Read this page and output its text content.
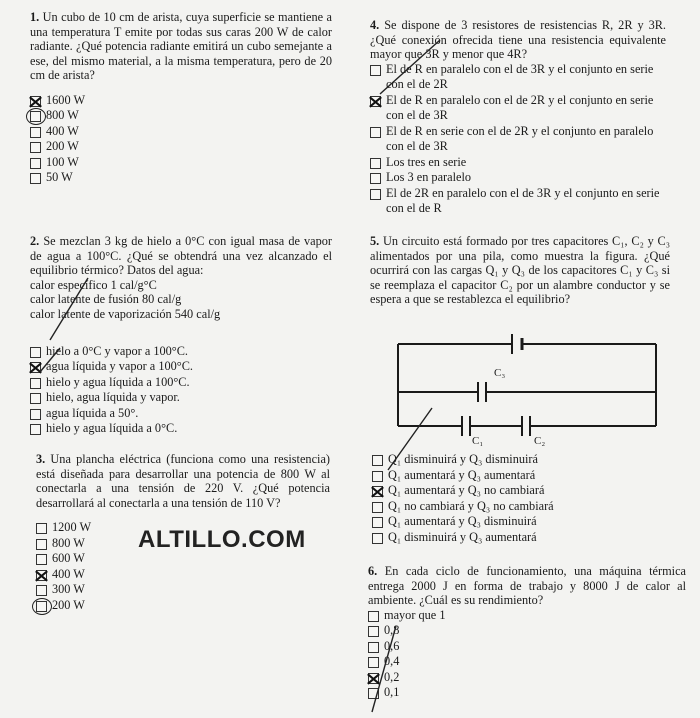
1. Un cubo de 10 cm de arista, cuya superficie se mantiene a una temperatura T emite por todas sus caras 200 W de calor radiante. ¿Qué potencia radiante emitirá un cubo semejante a ese, del mismo material, a la misma temperatura, pero de 20 cm de arista?

1600 W
800 W
400 W
200 W
100 W
50 W

2. Se mezclan 3 kg de hielo a 0°C con igual masa de vapor de agua a 100°C. ¿Qué se obtendrá una vez alcanzado el equilibrio térmico? Datos del agua:

calor específico 1 cal/g°C
calor latente de fusión 80 cal/g
calor latente de vaporización 540 cal/g
hielo a 0°C y vapor a 100°C.
agua líquida y vapor a 100°C.
hielo y agua líquida a 100°C.
hielo, agua líquida y vapor.
agua líquida a 50°.
hielo y agua líquida a 0°C.

3. Una plancha eléctrica (funciona como una resistencia) está diseñada para desarrollar una potencia de 800 W al conectarla a una tensión de 220 V. ¿Qué potencia desarrollará al conectarla a una tensión de 110 V?

1200 W
800 W
600 W
400 W
300 W
200 W
ALTILLO.COM

4. Se dispone de 3 resistores de resistencias R, 2R y 3R. ¿Qué conexión ofrecida tiene una resistencia equivalente mayor que 3R y menor que 4R?

El de R en paralelo con el de 3R y el conjunto en serie con el de 2R
El de R en paralelo con el de 2R y el conjunto en serie con el de 3R
El de R en serie con el de 2R y el conjunto en paralelo con el de 3R
Los tres en serie
Los 3 en paralelo
El de 2R en paralelo con el de 3R y el conjunto en serie con el de R

5. Un circuito está formado por tres capacitores C₁, C₂ y C₃ alimentados por una pila, como muestra la figura. ¿Qué ocurrirá con las cargas Q₁ y Q₃ de los capacitores C₁ y C₃ si se reemplaza el capacitor C₂ por un alambre conductor y se espera a que se restablezca el equilibrio?

C₃
C₁	C₂
Q₁ disminuirá y Q₃ disminuirá
Q₁ aumentará y Q₃ aumentará
Q₁ aumentará y Q₃ no cambiará
Q₁ no cambiará y Q₃ no cambiará
Q₁ aumentará y Q₃ disminuirá
Q₁ disminuirá y Q₃ aumentará

6. En cada ciclo de funcionamiento, una máquina térmica entrega 2000 J en forma de trabajo y 8000 J de calor al ambiente. ¿Cuál es su rendimiento?

mayor que 1
0,8
0,6
0,4
0,2
0,1
